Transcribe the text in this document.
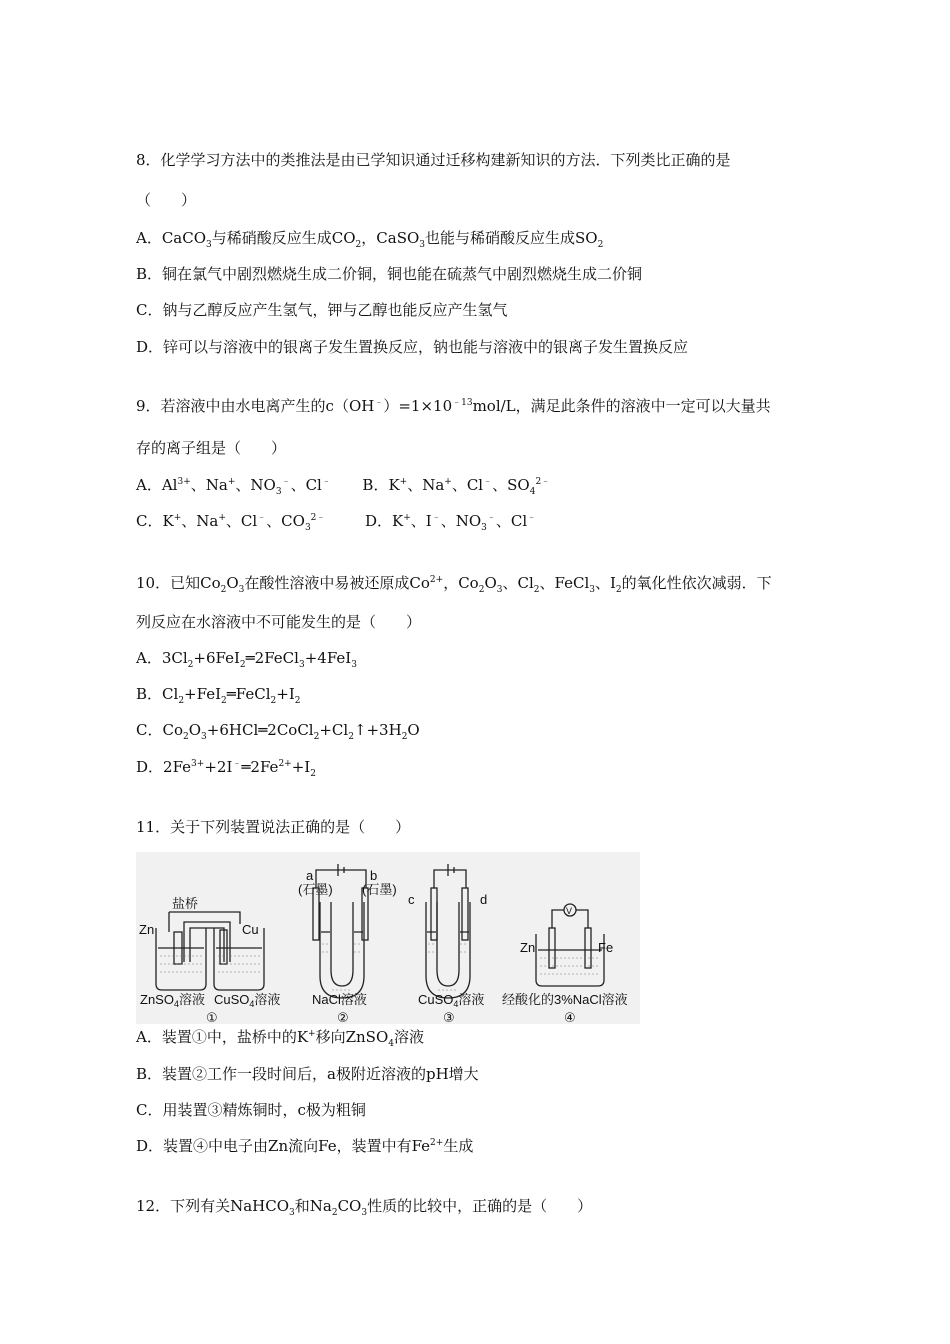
8．化学学习方法中的类推法是由已学知识通过迁移构建新知识的方法．下列类比正确的是
（　　）
A．CaCO$_3$与稀硝酸反应生成$CO_2$，CaSO$_3$也能与稀硝酸反应生成$SO_2$
B．铜在氯气中剧烈燃烧生成二价铜，铜也能在硫蒸气中剧烈燃烧生成二价铜
C．钠与乙醇反应产生氢气，钾与乙醇也能反应产生氢气
D．锌可以与溶液中的银离子发生置换反应，钠也能与溶液中的银离子发生置换反应
9．若溶液中由水电离产生的$c(OH^﹣)=1\times 10^{﹣13}mol/L$，满足此条件的溶液中一定可以大量共
存的离子组是（　　）
A．$Al^{3+}$、Na+、$NO_3^﹣$、Cl﹣ B．K+、Na+、Cl﹣、$SO_4^{2﹣}$
C．K+、Na+、Cl﹣、$CO_3^{2﹣}$	D．K+、I﹣、$NO_3^﹣$、Cl﹣
10．已知$Co_2O_3$在酸性溶液中易被还原成$Co^{2+}$，$Co_2O_3$、$Cl_2$、FeCl$_3$、$I_2$的氧化性依次减弱．下
列反应在水溶液中不可能发生的是（　　）
A．$3Cl_2+6FeI_2═2FeCl_3+4FeI_3$
B．$Cl_2+FeI_2═FeCl_2+I_2$
C．$Co_2O_3+6HCl═2CoCl_2+Cl_2↑+3H_2O$
D．$2Fe^{3+}+2I^﹣═2Fe^{2+}+I_2$
11．关于下列装置说法正确的是（　　）
盐桥
Zn	Cu
ZnSO$_4$溶液 CuSO$_4$溶液
①
a
(石墨)
b
(石墨)
NaCl溶液
②
c	d
CuSO$_4$溶液
③
V
Zn	Fe
经酸化的3%NaCl溶液
④
A．装置①中，盐桥中的K+移向ZnSO$_4$溶液
B．装置②工作一段时间后，a极附近溶液的pH增大
C．用装置③精炼铜时，c极为粗铜
D．装置④中电子由Zn流向Fe，装置中有$Fe^{2+}$生成
12．下列有关NaHCO$_3$和$Na_2CO_3$性质的比较中，正确的是（　　）
